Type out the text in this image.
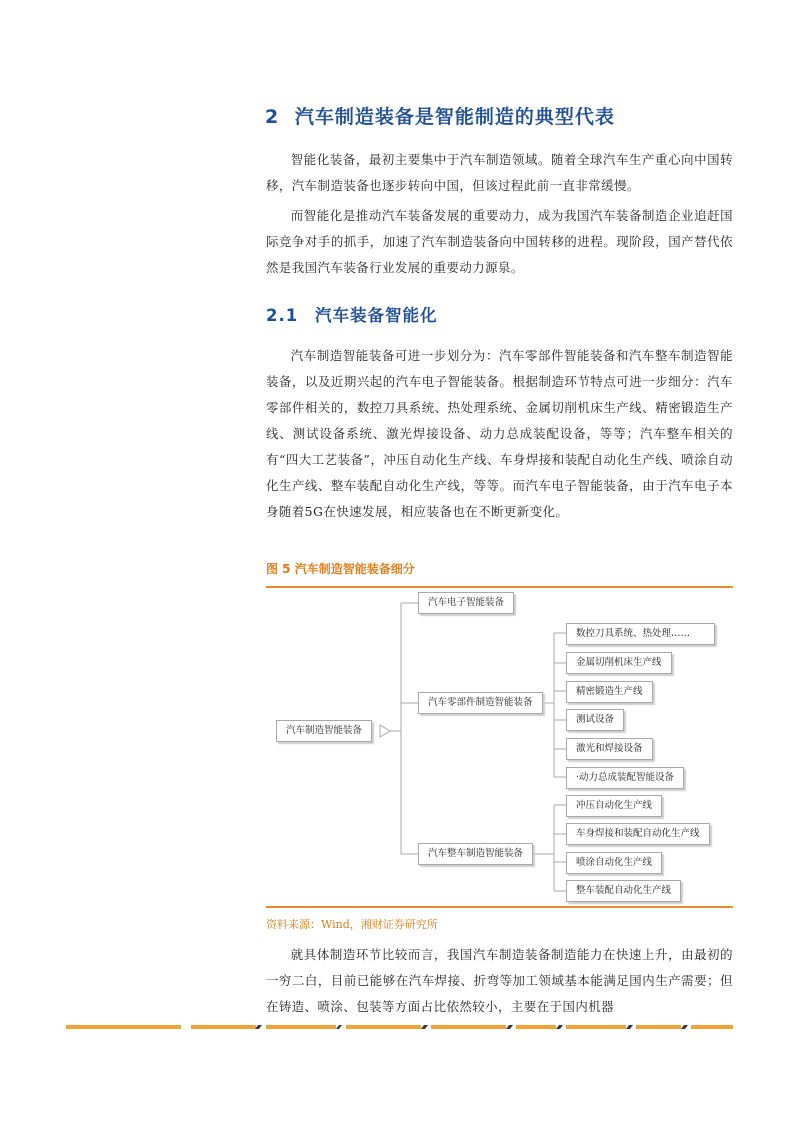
2 汽车制造装备是智能制造的典型代表

智能化装备，最初主要集中于汽车制造领域。随着全球汽车生产重心向中国转移，汽车制造装备也逐步转向中国，但该过程此前一直非常缓慢。

而智能化是推动汽车装备发展的重要动力，成为我国汽车装备制造企业追赶国际竞争对手的抓手，加速了汽车制造装备向中国转移的进程。现阶段，国产替代依然是我国汽车装备行业发展的重要动力源泉。

2.1 汽车装备智能化

汽车制造智能装备可进一步划分为：汽车零部件智能装备和汽车整车制造智能装备，以及近期兴起的汽车电子智能装备。根据制造环节特点可进一步细分：汽车零部件相关的，数控刀具系统、热处理系统、金属切削机床生产线、精密锻造生产线、测试设备系统、激光焊接设备、动力总成装配设备，等等；汽车整车相关的有“四大工艺装备”，冲压自动化生产线、车身焊接和装配自动化生产线、喷涂自动化生产线、整车装配自动化生产线，等等。而汽车电子智能装备，由于汽车电子本身随着5G在快速发展，相应装备也在不断更新变化。

图 5 汽车制造智能装备细分
汽车制造智能装备
汽车电子智能装备
汽车零部件制造智能装备
汽车整车制造智能装备
数控刀具系统、热处理……
金属切削机床生产线
精密锻造生产线
测试设备
激光和焊接设备
·动力总成装配智能设备
冲压自动化生产线
车身焊接和装配自动化生产线
喷涂自动化生产线
整车装配自动化生产线
资料来源：Wind，湘财证券研究所

就具体制造环节比较而言，我国汽车制造装备制造能力在快速上升，由最初的一穷二白，目前已能够在汽车焊接、折弯等加工领域基本能满足国内生产需要；但在铸造、喷涂、包装等方面占比依然较小，主要在于国内机器
